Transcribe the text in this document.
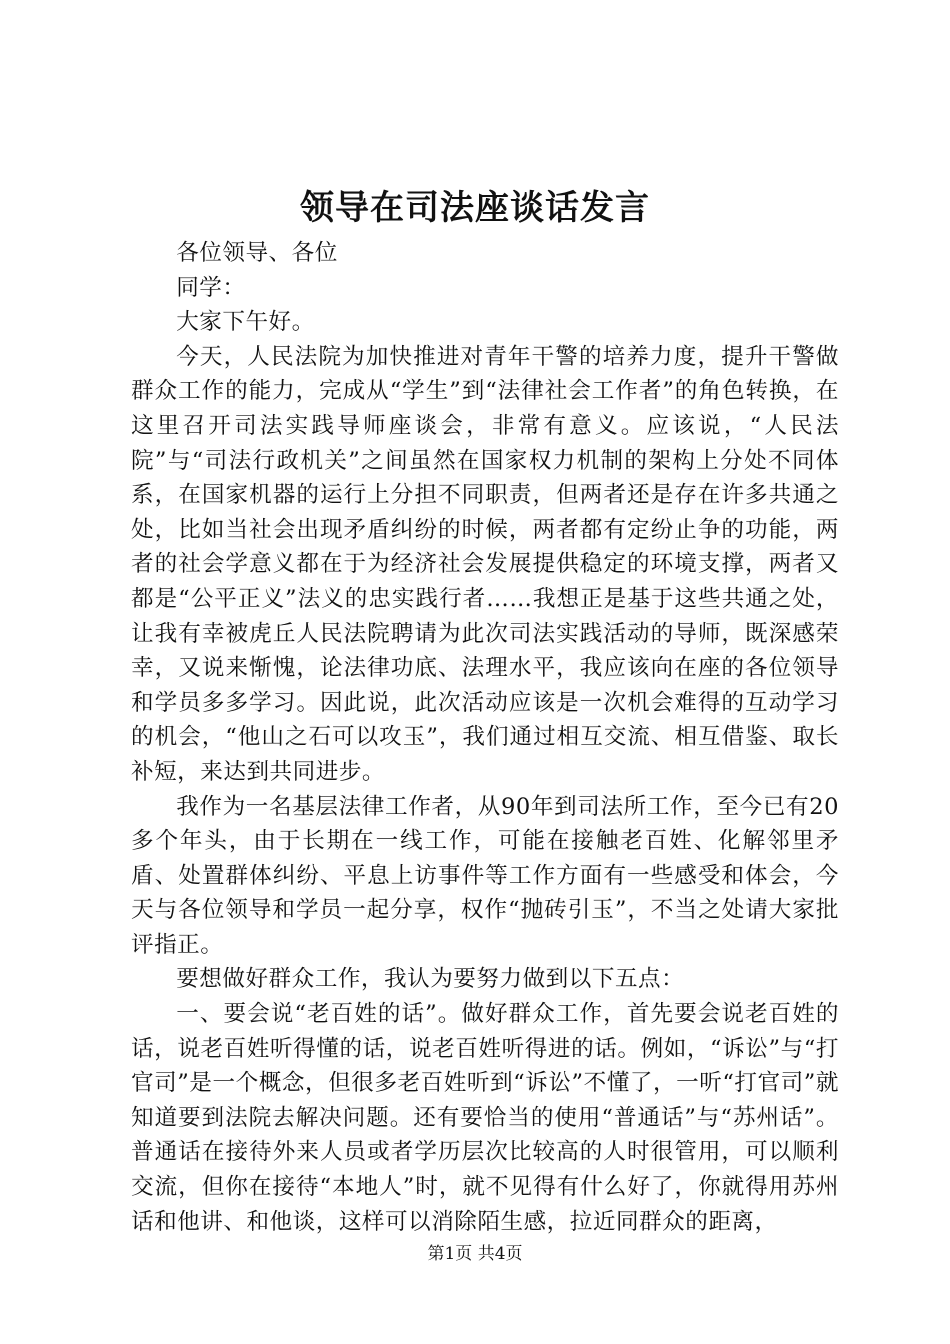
领导在司法座谈话发言

各位领导、各位

同学：

大家下午好。

今天，人民法院为加快推进对青年干警的培养力度，提升干警做群众工作的能力，完成从“学生”到“法律社会工作者”的角色转换，在这里召开司法实践导师座谈会，非常有意义。应该说，“人民法院”与“司法行政机关”之间虽然在国家权力机制的架构上分处不同体系，在国家机器的运行上分担不同职责，但两者还是存在许多共通之处，比如当社会出现矛盾纠纷的时候，两者都有定纷止争的功能，两者的社会学意义都在于为经济社会发展提供稳定的环境支撑，两者又都是“公平正义”法义的忠实践行者……我想正是基于这些共通之处，让我有幸被虎丘人民法院聘请为此次司法实践活动的导师，既深感荣幸，又说来惭愧，论法律功底、法理水平，我应该向在座的各位领导和学员多多学习。因此说，此次活动应该是一次机会难得的互动学习的机会，“他山之石可以攻玉”，我们通过相互交流、相互借鉴、取长补短，来达到共同进步。

我作为一名基层法律工作者，从90年到司法所工作，至今已有20多个年头，由于长期在一线工作，可能在接触老百姓、化解邻里矛盾、处置群体纠纷、平息上访事件等工作方面有一些感受和体会，今天与各位领导和学员一起分享，权作“抛砖引玉”，不当之处请大家批评指正。

要想做好群众工作，我认为要努力做到以下五点：

一、要会说“老百姓的话”。做好群众工作，首先要会说老百姓的话，说老百姓听得懂的话，说老百姓听得进的话。例如，“诉讼”与“打官司”是一个概念，但很多老百姓听到“诉讼”不懂了，一听“打官司”就知道要到法院去解决问题。还有要恰当的使用“普通话”与“苏州话”。普通话在接待外来人员或者学历层次比较高的人时很管用，可以顺利交流，但你在接待“本地人”时，就不见得有什么好了，你就得用苏州话和他讲、和他谈，这样可以消除陌生感，拉近同群众的距离，

第1页 共4页
